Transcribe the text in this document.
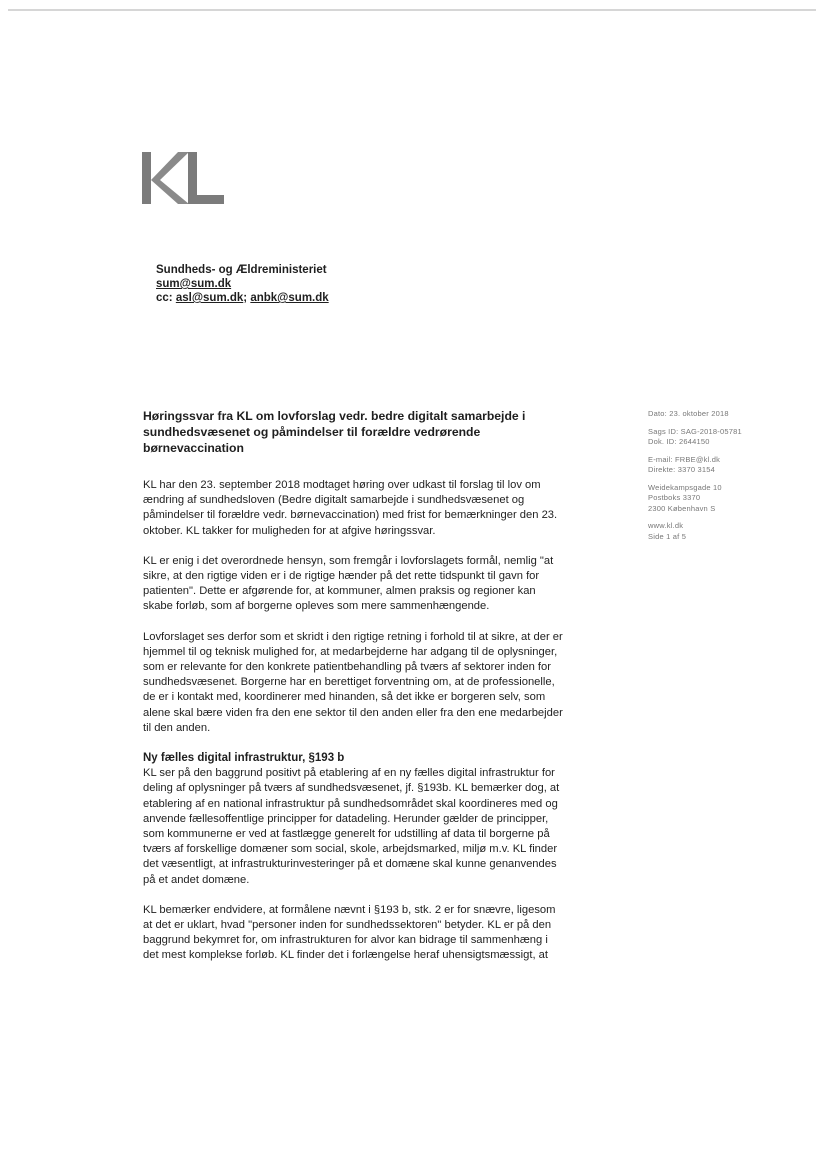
Sundheds- og Ældreministeriet
sum@sum.dk
cc: asl@sum.dk; anbk@sum.dk
Høringssvar fra KL om lovforslag vedr. bedre digitalt samarbejde i sundhedsvæsenet og påmindelser til forældre vedrørende børnevaccination
Dato: 23. oktober 2018
Sags ID: SAG-2018-05781
Dok. ID: 2644150
E-mail: FRBE@kl.dk
Direkte: 3370 3154
Weidekampsgade 10
Postboks 3370
2300 København S
www.kl.dk
Side 1 af 5

KL har den 23. september 2018 modtaget høring over udkast til forslag til lov om ændring af sundhedsloven (Bedre digitalt samarbejde i sundhedsvæsenet og påmindelser til forældre vedr. børnevaccination) med frist for bemærkninger den 23. oktober. KL takker for muligheden for at afgive høringssvar.

KL er enig i det overordnede hensyn, som fremgår i lovforslagets formål, nemlig "at sikre, at den rigtige viden er i de rigtige hænder på det rette tidspunkt til gavn for patienten". Dette er afgørende for, at kommuner, almen praksis og regioner kan skabe forløb, som af borgerne opleves som mere sammenhængende.

Lovforslaget ses derfor som et skridt i den rigtige retning i forhold til at sikre, at der er hjemmel til og teknisk mulighed for, at medarbejderne har adgang til de oplysninger, som er relevante for den konkrete patientbehandling på tværs af sektorer inden for sundhedsvæsenet. Borgerne har en berettiget forventning om, at de professionelle, de er i kontakt med, koordinerer med hinanden, så det ikke er borgeren selv, som alene skal bære viden fra den ene sektor til den anden eller fra den ene medarbejder til den anden.

Ny fælles digital infrastruktur, §193 b

KL ser på den baggrund positivt på etablering af en ny fælles digital infrastruktur for deling af oplysninger på tværs af sundhedsvæsenet, jf. §193b. KL bemærker dog, at etablering af en national infrastruktur på sundhedsområdet skal koordineres med og anvende fællesoffentlige principper for datadeling. Herunder gælder de principper, som kommunerne er ved at fastlægge generelt for udstilling af data til borgerne på tværs af forskellige domæner som social, skole, arbejdsmarked, miljø m.v. KL finder det væsentligt, at infrastrukturinvesteringer på et domæne skal kunne genanvendes på et andet domæne.

KL bemærker endvidere, at formålene nævnt i §193 b, stk. 2 er for snævre, ligesom at det er uklart, hvad "personer inden for sundhedssektoren" betyder. KL er på den baggrund bekymret for, om infrastrukturen for alvor kan bidrage til sammenhæng i det mest komplekse forløb. KL finder det i forlængelse heraf uhensigtsmæssigt, at
